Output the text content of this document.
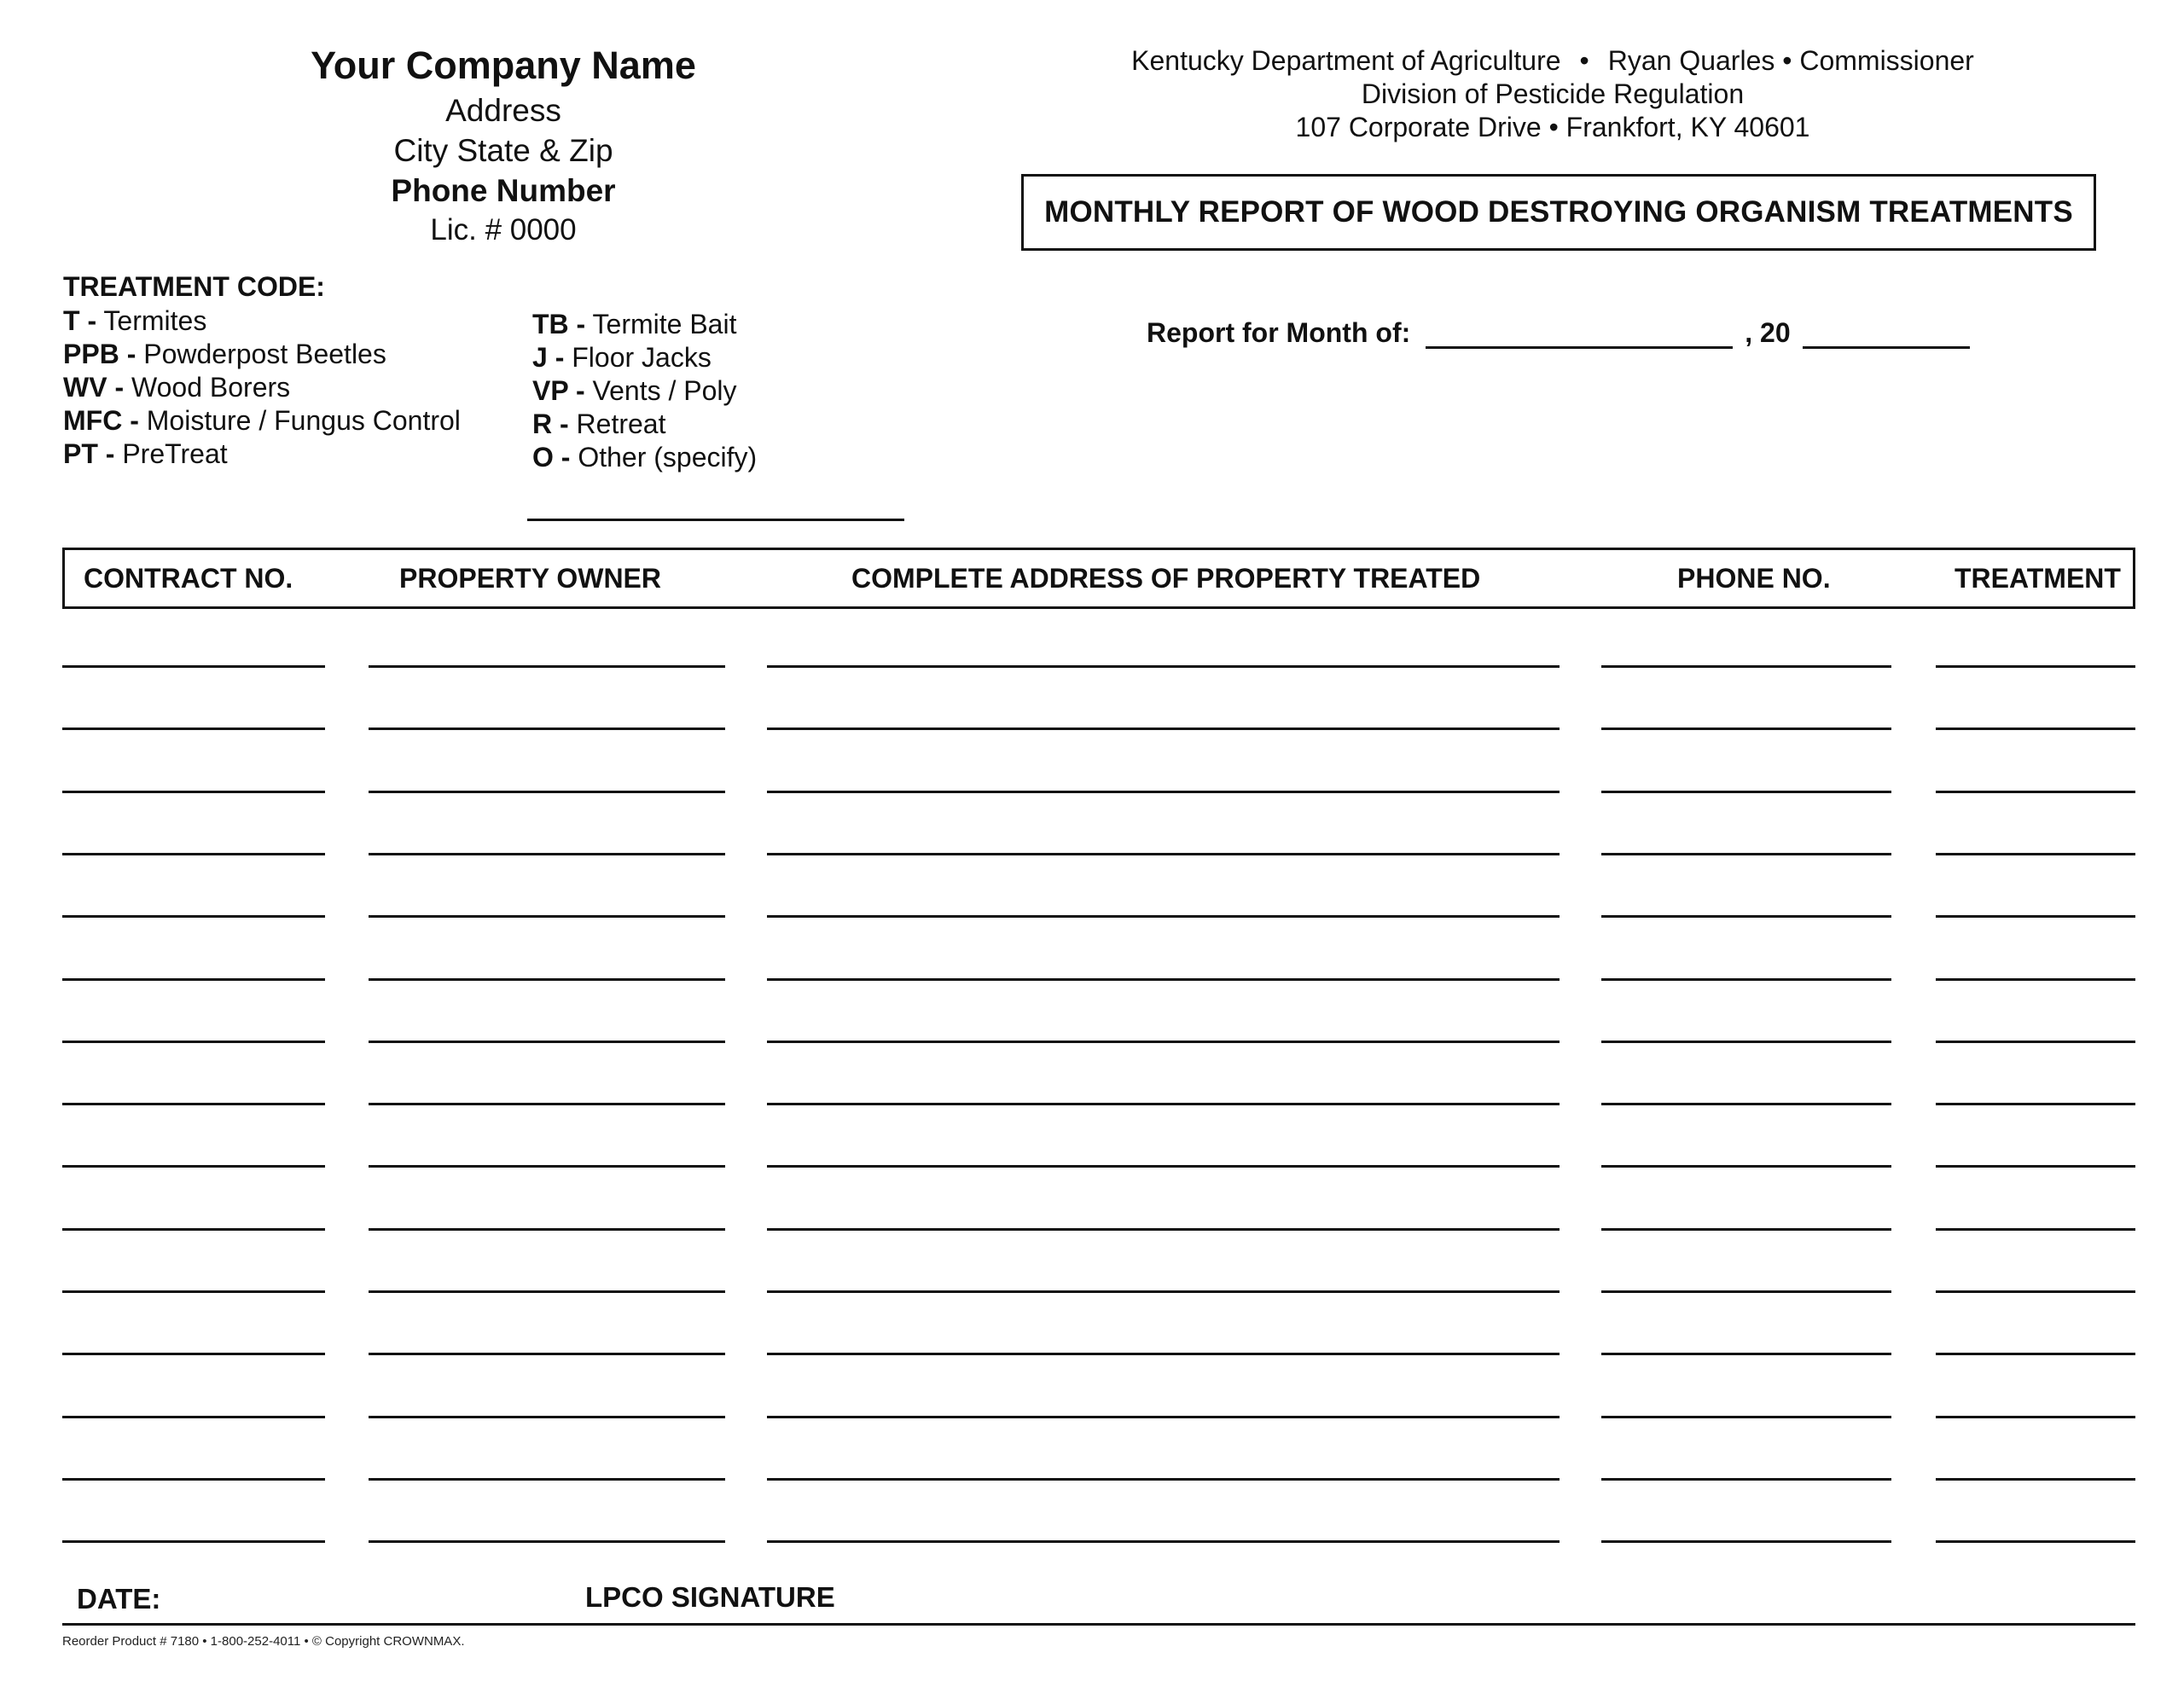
Your Company Name
Address
City State & Zip
Phone Number
Lic. # 0000
Kentucky Department of Agriculture • Ryan Quarles • Commissioner
Division of Pesticide Regulation
107 Corporate Drive • Frankfort, KY 40601
MONTHLY REPORT OF WOOD DESTROYING ORGANISM TREATMENTS
Report for Month of:	, 20
TREATMENT CODE:
T - Termites
PPB - Powderpost Beetles
WV - Wood Borers
MFC - Moisture / Fungus Control
PT - PreTreat
TB - Termite Bait
J - Floor Jacks
VP - Vents / Poly
R - Retreat
O - Other (specify)
CONTRACT NO.	PROPERTY OWNER	COMPLETE ADDRESS OF PROPERTY TREATED	PHONE NO.	TREATMENT
DATE:	LPCO SIGNATURE
Reorder Product # 7180 • 1-800-252-4011 • © Copyright CROWNMAX.
